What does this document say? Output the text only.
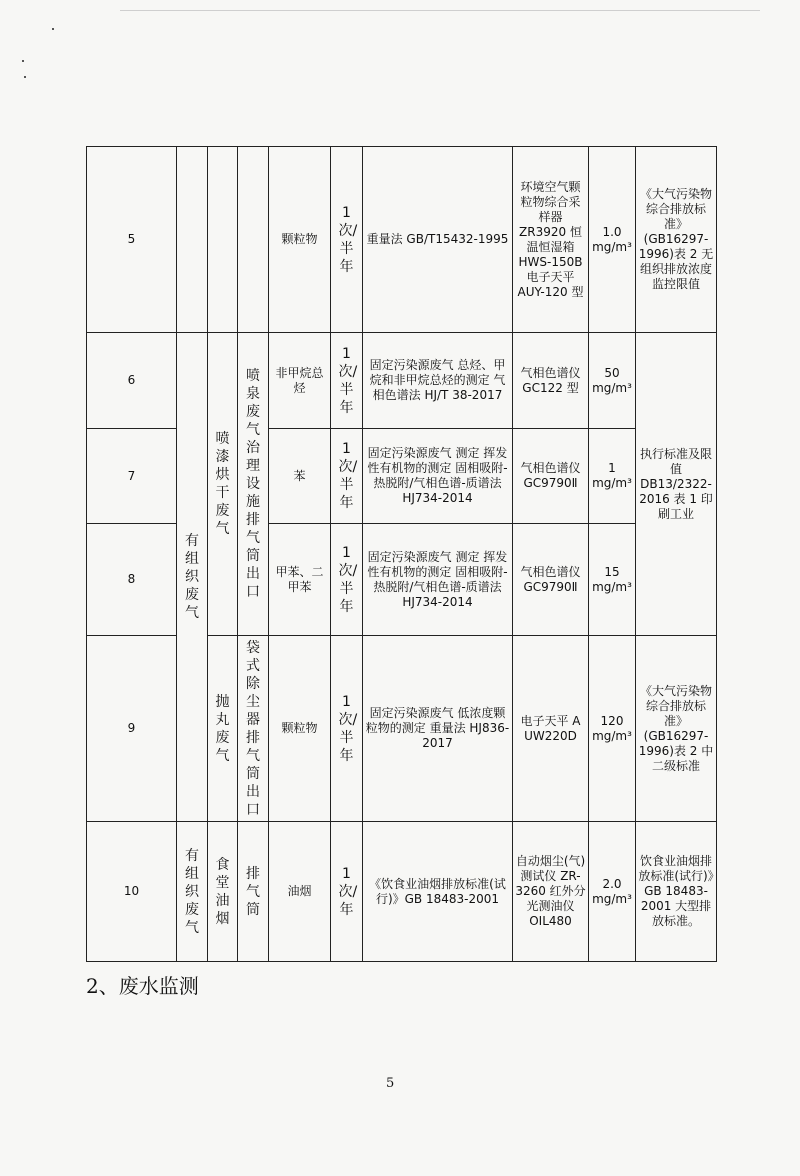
5				颗粒物	1次/半年	重量法 GB/T15432-1995	环境空气颗粒物综合采样器 ZR3920 恒温恒湿箱 HWS-150B 电子天平 AUY-120 型	1.0 mg/m³	《大气污染物综合排放标准》(GB16297-1996)表 2 无组织排放浓度监控限值
6	有组织废气	喷漆烘干废气	喷泉废气治理设施排气筒出口	非甲烷总烃	1次/半年	固定污染源废气 总烃、甲烷和非甲烷总烃的测定 气相色谱法 HJ/T 38-2017	气相色谱仪 GC122 型	50 mg/m³	执行标准及限值 DB13/2322-2016 表 1 印刷工业
7				苯	1次/半年	固定污染源废气 测定 挥发性有机物的测定 固相吸附-热脱附/气相色谱-质谱法 HJ734-2014	气相色谱仪 GC9790Ⅱ	1 mg/m³	
8				甲苯、二甲苯	1次/半年	固定污染源废气 测定 挥发性有机物的测定 固相吸附-热脱附/气相色谱-质谱法 HJ734-2014	气相色谱仪 GC9790Ⅱ	15 mg/m³	
9		抛丸废气	袋式除尘器排气筒出口	颗粒物	1次/半年	固定污染源废气 低浓度颗粒物的测定 重量法 HJ836-2017	电子天平 A UW220D	120 mg/m³	《大气污染物综合排放标准》(GB16297-1996)表 2 中二级标准
10	有组织废气	食堂油烟	排气筒	油烟	1次/年	《饮食业油烟排放标准(试行)》GB 18483-2001	自动烟尘(气)测试仪 ZR-3260 红外分光测油仪 OIL480	2.0 mg/m³	饮食业油烟排放标准(试行)》GB 18483-2001 大型排放标准。
2、废水监测
5
